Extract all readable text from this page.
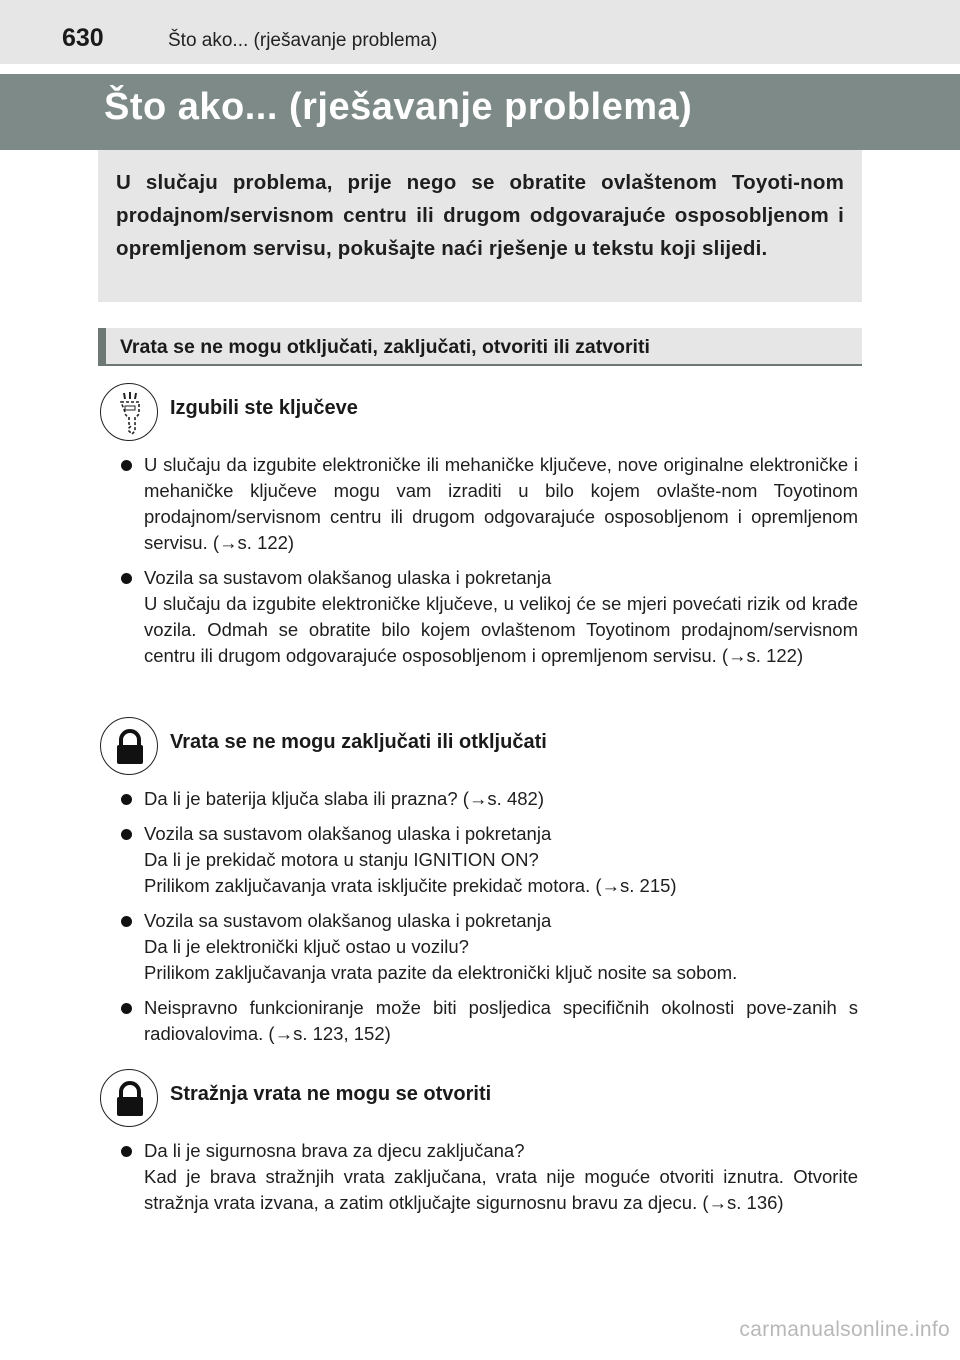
630	Što ako... (rješavanje problema)
Što ako... (rješavanje problema)

U slučaju problema, prije nego se obratite ovlaštenom Toyoti-nom prodajnom/servisnom centru ili drugom odgovarajuće osposobljenom i opremljenom servisu, pokušajte naći rješenje u tekstu koji slijedi.

Vrata se ne mogu otključati, zaključati, otvoriti ili zatvoriti
Izgubili ste ključeve
U slučaju da izgubite elektroničke ili mehaničke ključeve, nove originalne elektroničke i mehaničke ključeve mogu vam izraditi u bilo kojem ovlašte-nom Toyotinom prodajnom/servisnom centru ili drugom odgovarajuće osposobljenom i opremljenom servisu. (→s. 122)
Vozila sa sustavom olakšanog ulaska i pokretanja
U slučaju da izgubite elektroničke ključeve, u velikoj će se mjeri povećati rizik od krađe vozila. Odmah se obratite bilo kojem ovlaštenom Toyotinom prodajnom/servisnom centru ili drugom odgovarajuće osposobljenom i opremljenom servisu. (→s. 122)
Vrata se ne mogu zaključati ili otključati
Da li je baterija ključa slaba ili prazna? (→s. 482)
Vozila sa sustavom olakšanog ulaska i pokretanja
Da li je prekidač motora u stanju IGNITION ON?
Prilikom zaključavanja vrata isključite prekidač motora. (→s. 215)
Vozila sa sustavom olakšanog ulaska i pokretanja
Da li je elektronički ključ ostao u vozilu?
Prilikom zaključavanja vrata pazite da elektronički ključ nosite sa sobom.
Neispravno funkcioniranje može biti posljedica specifičnih okolnosti pove-zanih s radiovalovima. (→s. 123, 152)
Stražnja vrata ne mogu se otvoriti
Da li je sigurnosna brava za djecu zaključana?
Kad je brava stražnjih vrata zaključana, vrata nije moguće otvoriti iznutra. Otvorite stražnja vrata izvana, a zatim otključajte sigurnosnu bravu za djecu. (→s. 136)
carmanualsonline.info
